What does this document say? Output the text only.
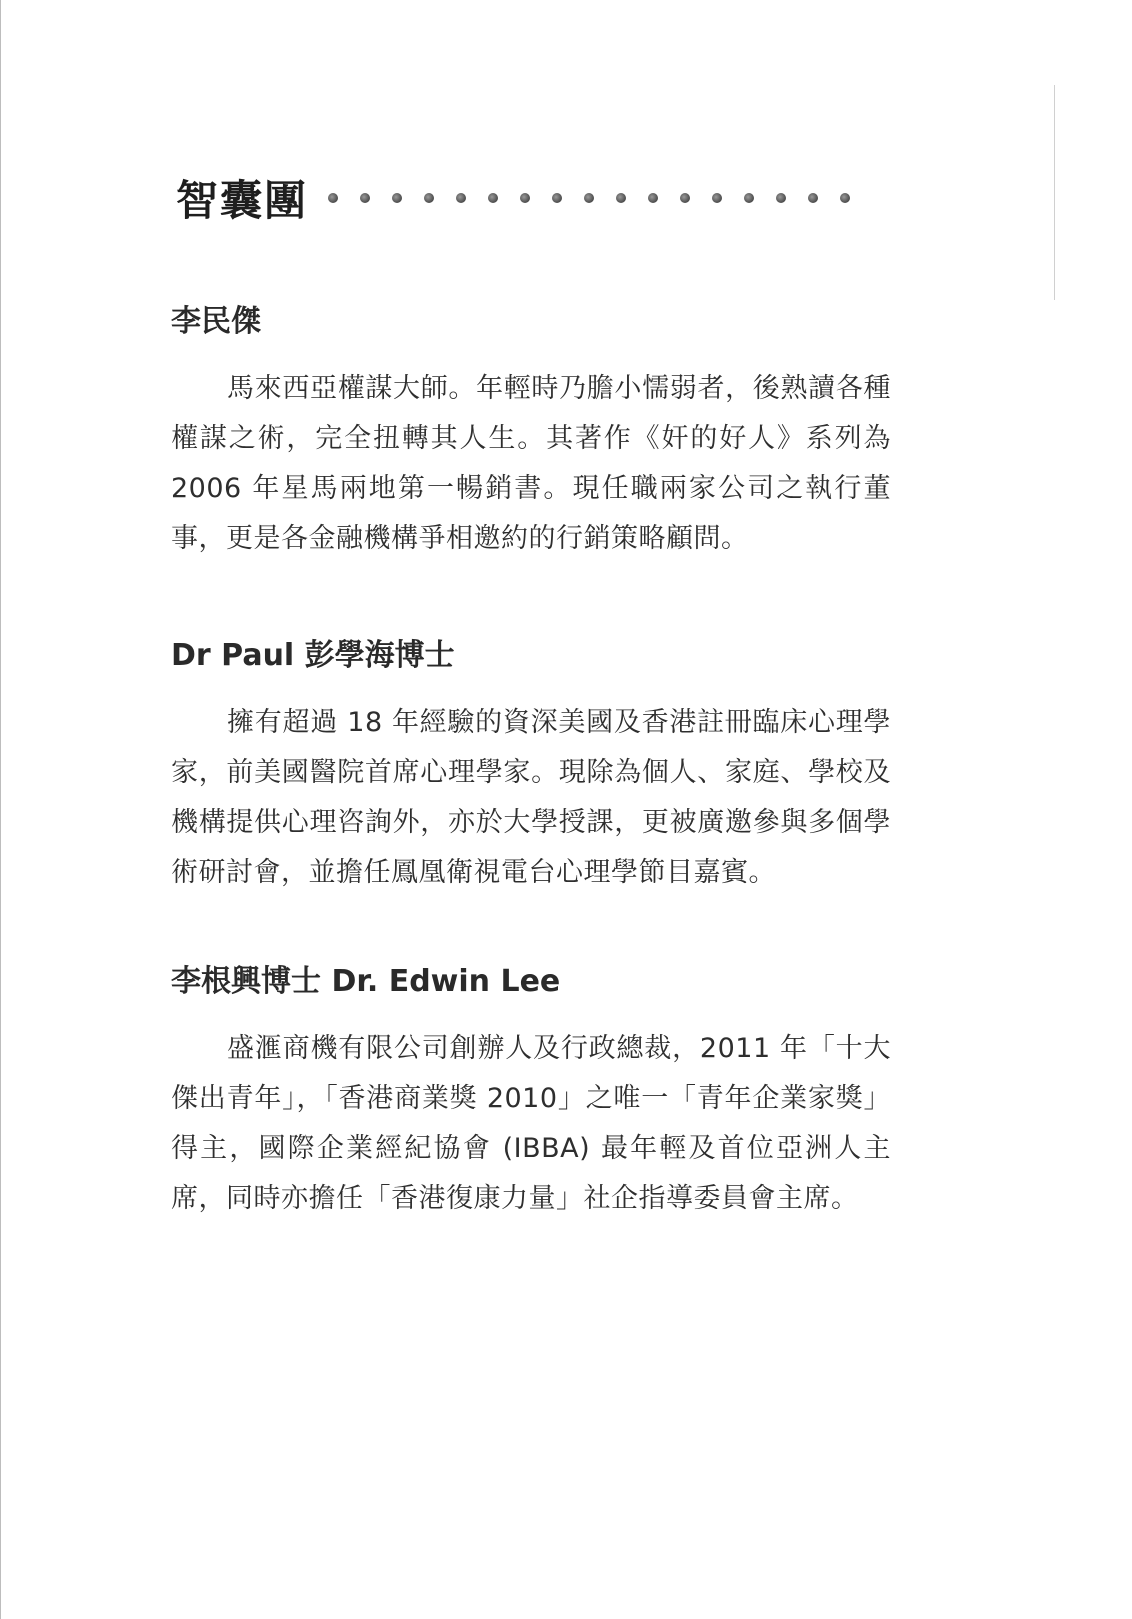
智囊團
李民傑

馬來西亞權謀大師。年輕時乃膽小懦弱者，後熟讀各種權謀之術，完全扭轉其人生。其著作《奸的好人》系列為 2006 年星馬兩地第一暢銷書。現任職兩家公司之執行董事，更是各金融機構爭相邀約的行銷策略顧問。

Dr Paul 彭學海博士

擁有超過 18 年經驗的資深美國及香港註冊臨床心理學家，前美國醫院首席心理學家。現除為個人、家庭、學校及機構提供心理咨詢外，亦於大學授課，更被廣邀參與多個學術研討會，並擔任鳳凰衛視電台心理學節目嘉賓。

李根興博士 Dr. Edwin Lee

盛滙商機有限公司創辦人及行政總裁，2011 年「十大傑出青年」，「香港商業獎 2010」之唯一「青年企業家獎」得主，國際企業經紀協會 (IBBA) 最年輕及首位亞洲人主席，同時亦擔任「香港復康力量」社企指導委員會主席。
